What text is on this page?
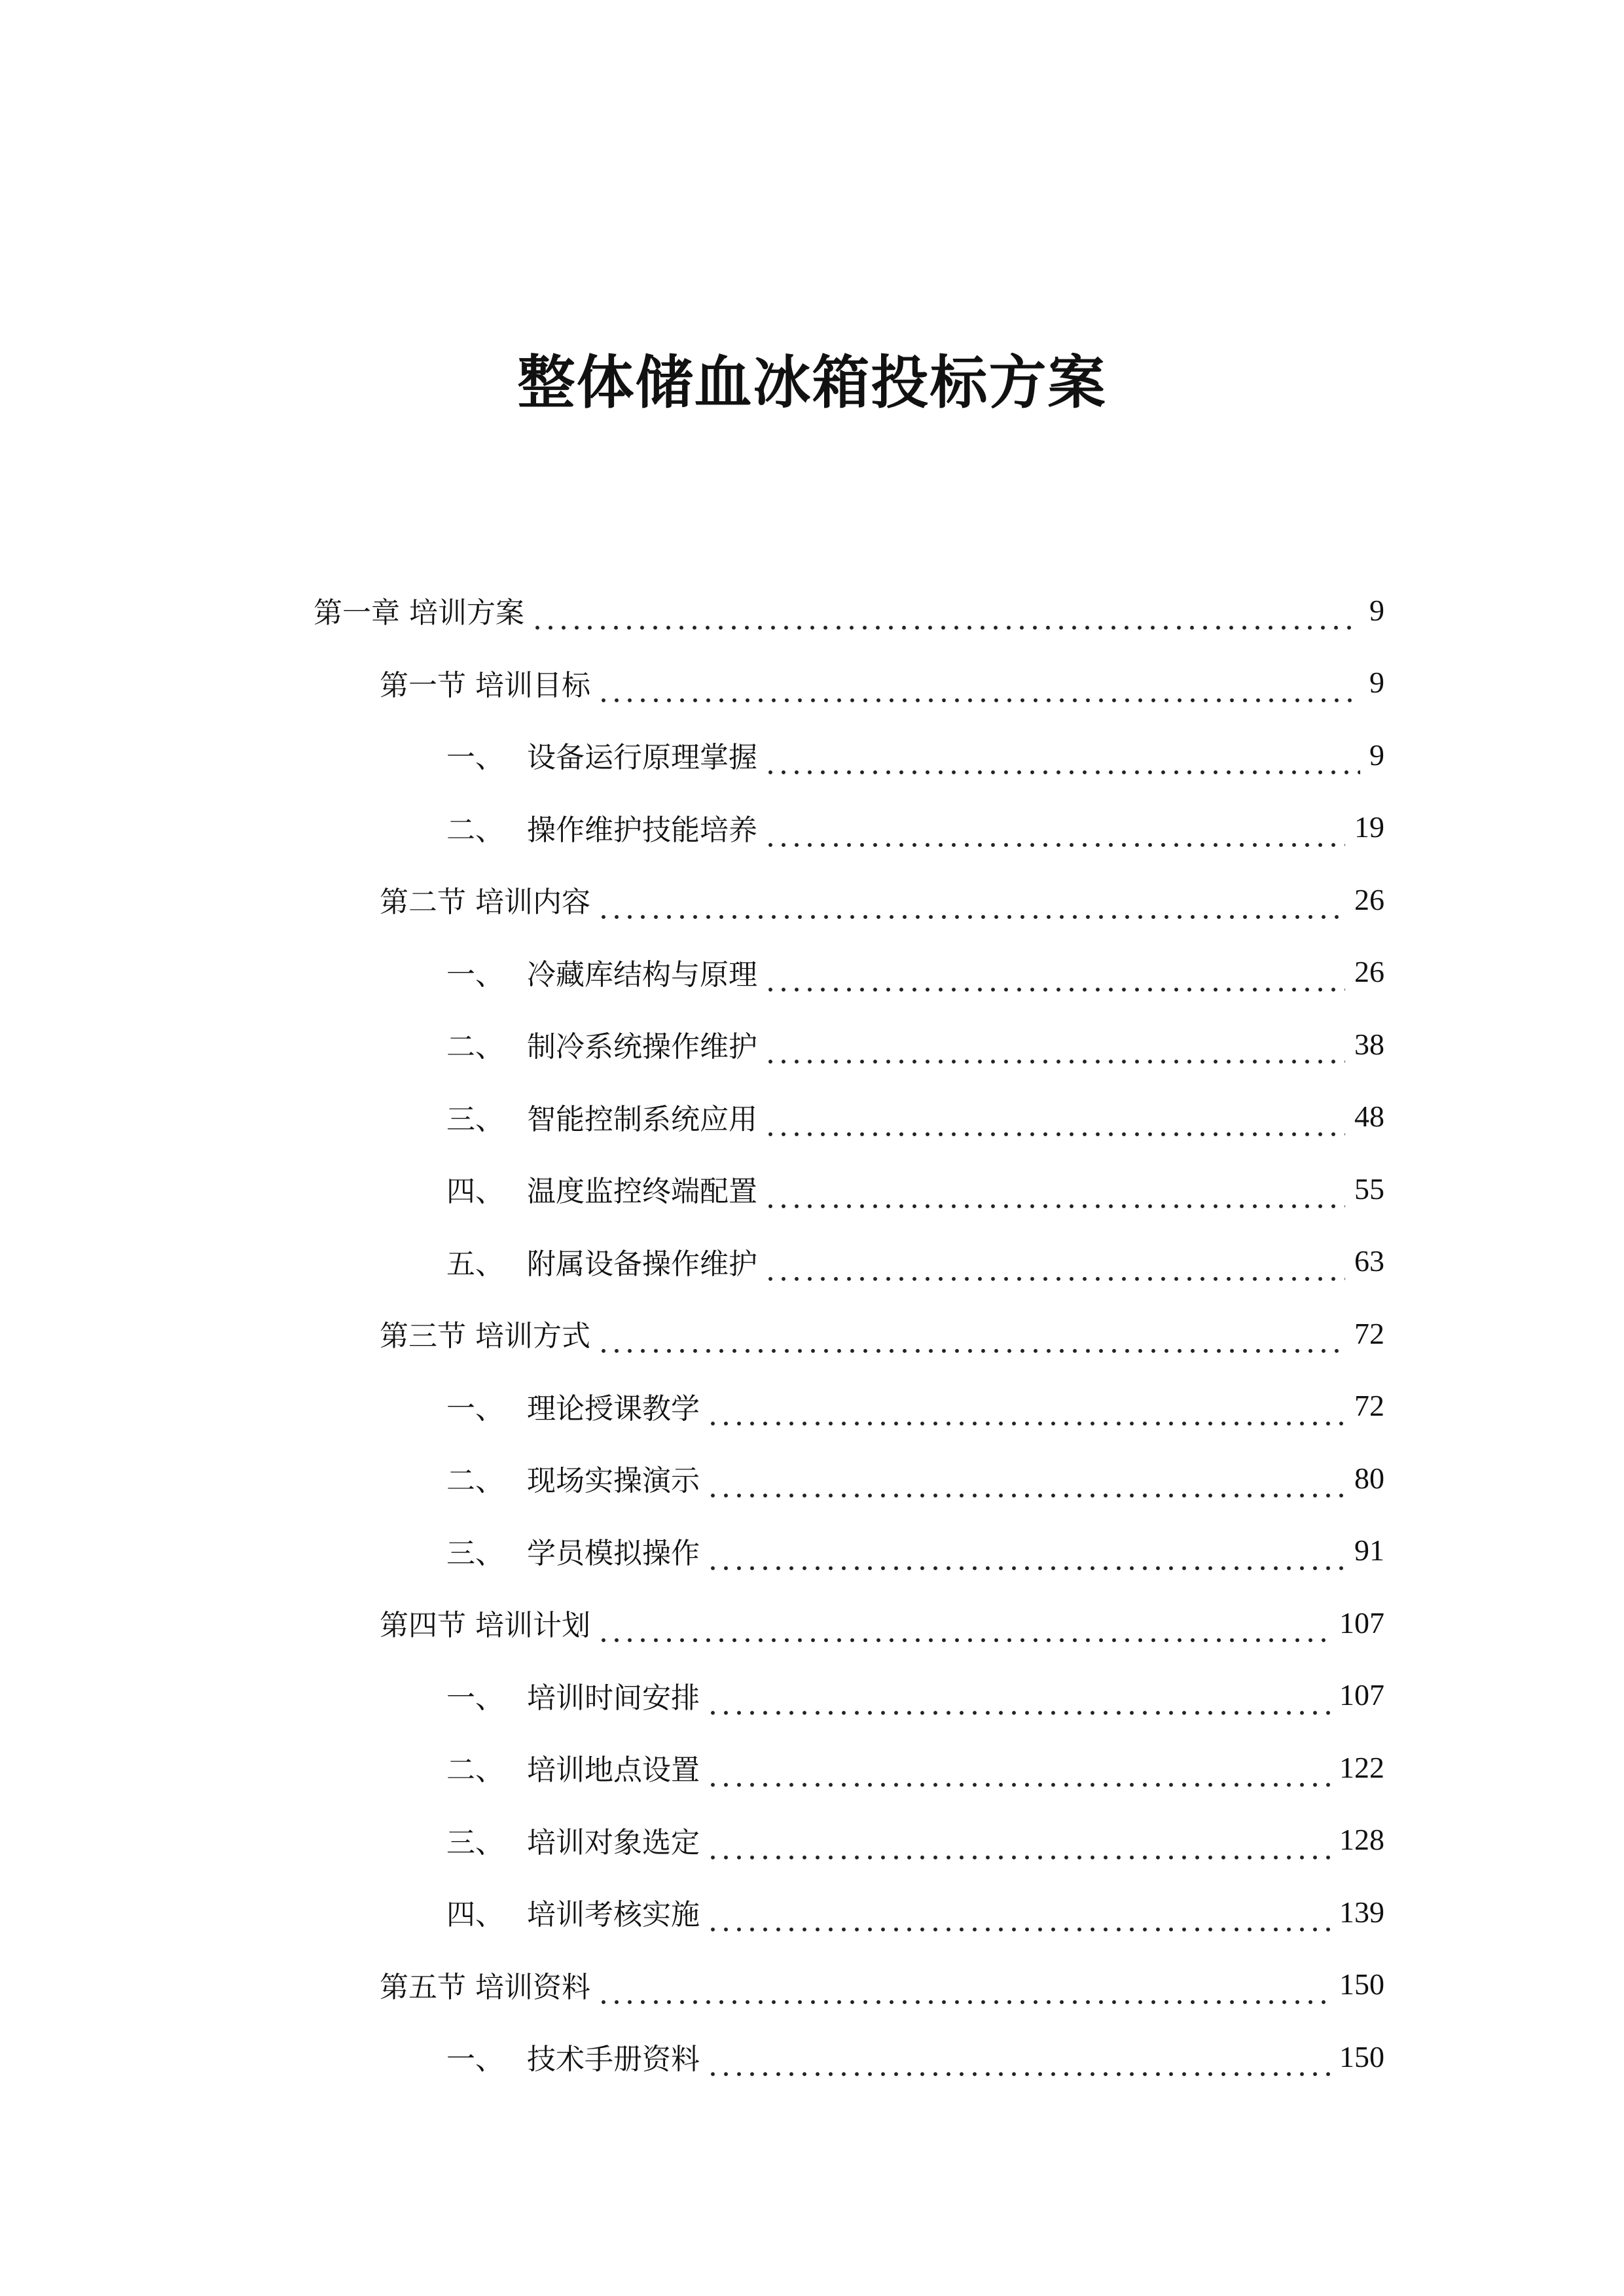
整体储血冰箱投标方案
第一章 培训方案	9
第一节 培训目标	9
一、 设备运行原理掌握	9
二、 操作维护技能培养	19
第二节 培训内容	26
一、 冷藏库结构与原理	26
二、 制冷系统操作维护	38
三、 智能控制系统应用	48
四、 温度监控终端配置	55
五、 附属设备操作维护	63
第三节 培训方式	72
一、 理论授课教学	72
二、 现场实操演示	80
三、 学员模拟操作	91
第四节 培训计划	107
一、 培训时间安排	107
二、 培训地点设置	122
三、 培训对象选定	128
四、 培训考核实施	139
第五节 培训资料	150
一、 技术手册资料	150
